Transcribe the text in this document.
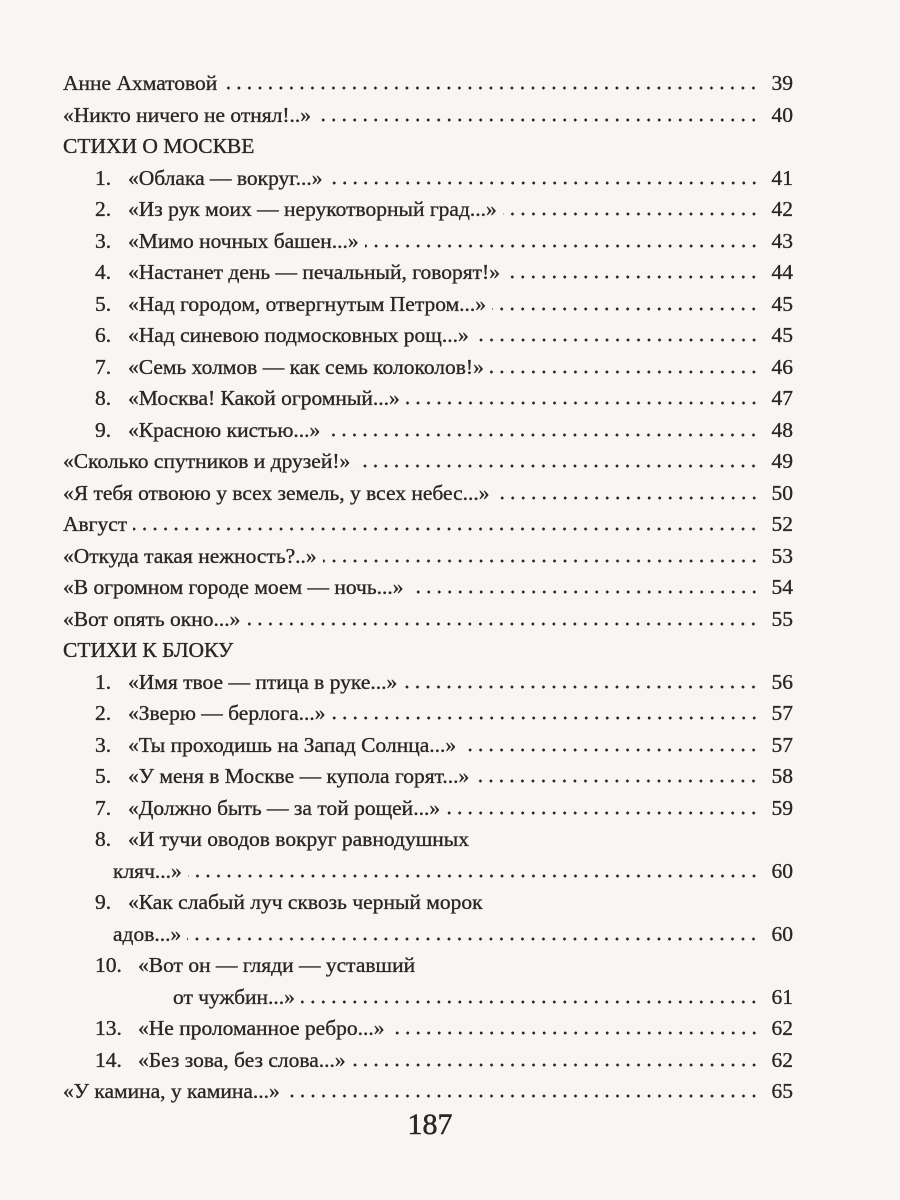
Анне Ахматовой	39
«Никто ничего не отнял!..»	40
СТИХИ О МОСКВЕ
1. «Облака — вокруг...»	41
2. «Из рук моих — нерукотворный град...»	42
3. «Мимо ночных башен...»	43
4. «Настанет день — печальный, говорят!»	44
5. «Над городом, отвергнутым Петром...»	45
6. «Над синевою подмосковных рощ...»	45
7. «Семь холмов — как семь колоколов!»	46
8. «Москва! Какой огромный...»	47
9. «Красною кистью...»	48
«Сколько спутников и друзей!»	49
«Я тебя отвоюю у всех земель, у всех небес...»	50
Август	52
«Откуда такая нежность?..»	53
«В огромном городе моем — ночь...»	54
«Вот опять окно...»	55
СТИХИ К БЛОКУ
1. «Имя твое — птица в руке...»	56
2. «Зверю — берлога...»	57
3. «Ты проходишь на Запад Солнца...»	57
5. «У меня в Москве — купола горят...»	58
7. «Должно быть — за той рощей...»	59
8. «И тучи оводов вокруг равнодушных
кляч...»	60
9. «Как слабый луч сквозь черный морок
адов...»	60
10. «Вот он — гляди — уставший
от чужбин...»	61
13. «Не проломанное ребро...»	62
14. «Без зова, без слова...»	62
«У камина, у камина...»	65
187
